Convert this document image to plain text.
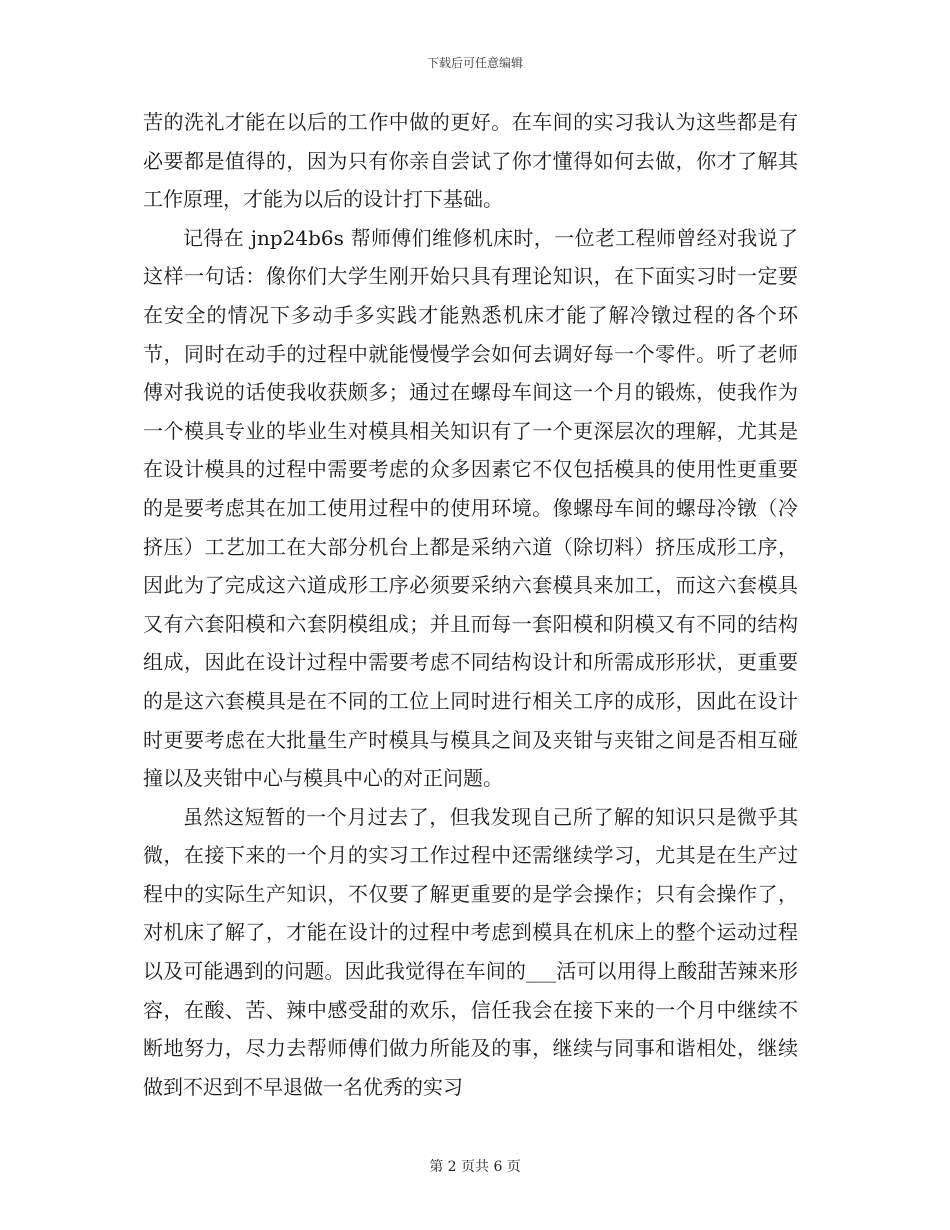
下载后可任意编辑

苦的洗礼才能在以后的工作中做的更好。在车间的实习我认为这些都是有必要都是值得的，因为只有你亲自尝试了你才懂得如何去做，你才了解其工作原理，才能为以后的设计打下基础。

记得在 jnp24b6s 帮师傅们维修机床时，一位老工程师曾经对我说了这样一句话：像你们大学生刚开始只具有理论知识，在下面实习时一定要在安全的情况下多动手多实践才能熟悉机床才能了解冷镦过程的各个环节，同时在动手的过程中就能慢慢学会如何去调好每一个零件。听了老师傅对我说的话使我收获颇多；通过在螺母车间这一个月的锻炼，使我作为一个模具专业的毕业生对模具相关知识有了一个更深层次的理解，尤其是在设计模具的过程中需要考虑的众多因素它不仅包括模具的使用性更重要的是要考虑其在加工使用过程中的使用环境。像螺母车间的螺母冷镦（冷挤压）工艺加工在大部分机台上都是采纳六道（除切料）挤压成形工序，因此为了完成这六道成形工序必须要采纳六套模具来加工，而这六套模具又有六套阳模和六套阴模组成；并且而每一套阳模和阴模又有不同的结构组成，因此在设计过程中需要考虑不同结构设计和所需成形形状，更重要的是这六套模具是在不同的工位上同时进行相关工序的成形，因此在设计时更要考虑在大批量生产时模具与模具之间及夹钳与夹钳之间是否相互碰撞以及夹钳中心与模具中心的对正问题。

虽然这短暂的一个月过去了，但我发现自己所了解的知识只是微乎其微，在接下来的一个月的实习工作过程中还需继续学习，尤其是在生产过程中的实际生产知识，不仅要了解更重要的是学会操作；只有会操作了，对机床了解了，才能在设计的过程中考虑到模具在机床上的整个运动过程以及可能遇到的问题。因此我觉得在车间的___活可以用得上酸甜苦辣来形容，在酸、苦、辣中感受甜的欢乐，信任我会在接下来的一个月中继续不断地努力，尽力去帮师傅们做力所能及的事，继续与同事和谐相处，继续做到不迟到不早退做一名优秀的实习

第 2 页共 6 页
